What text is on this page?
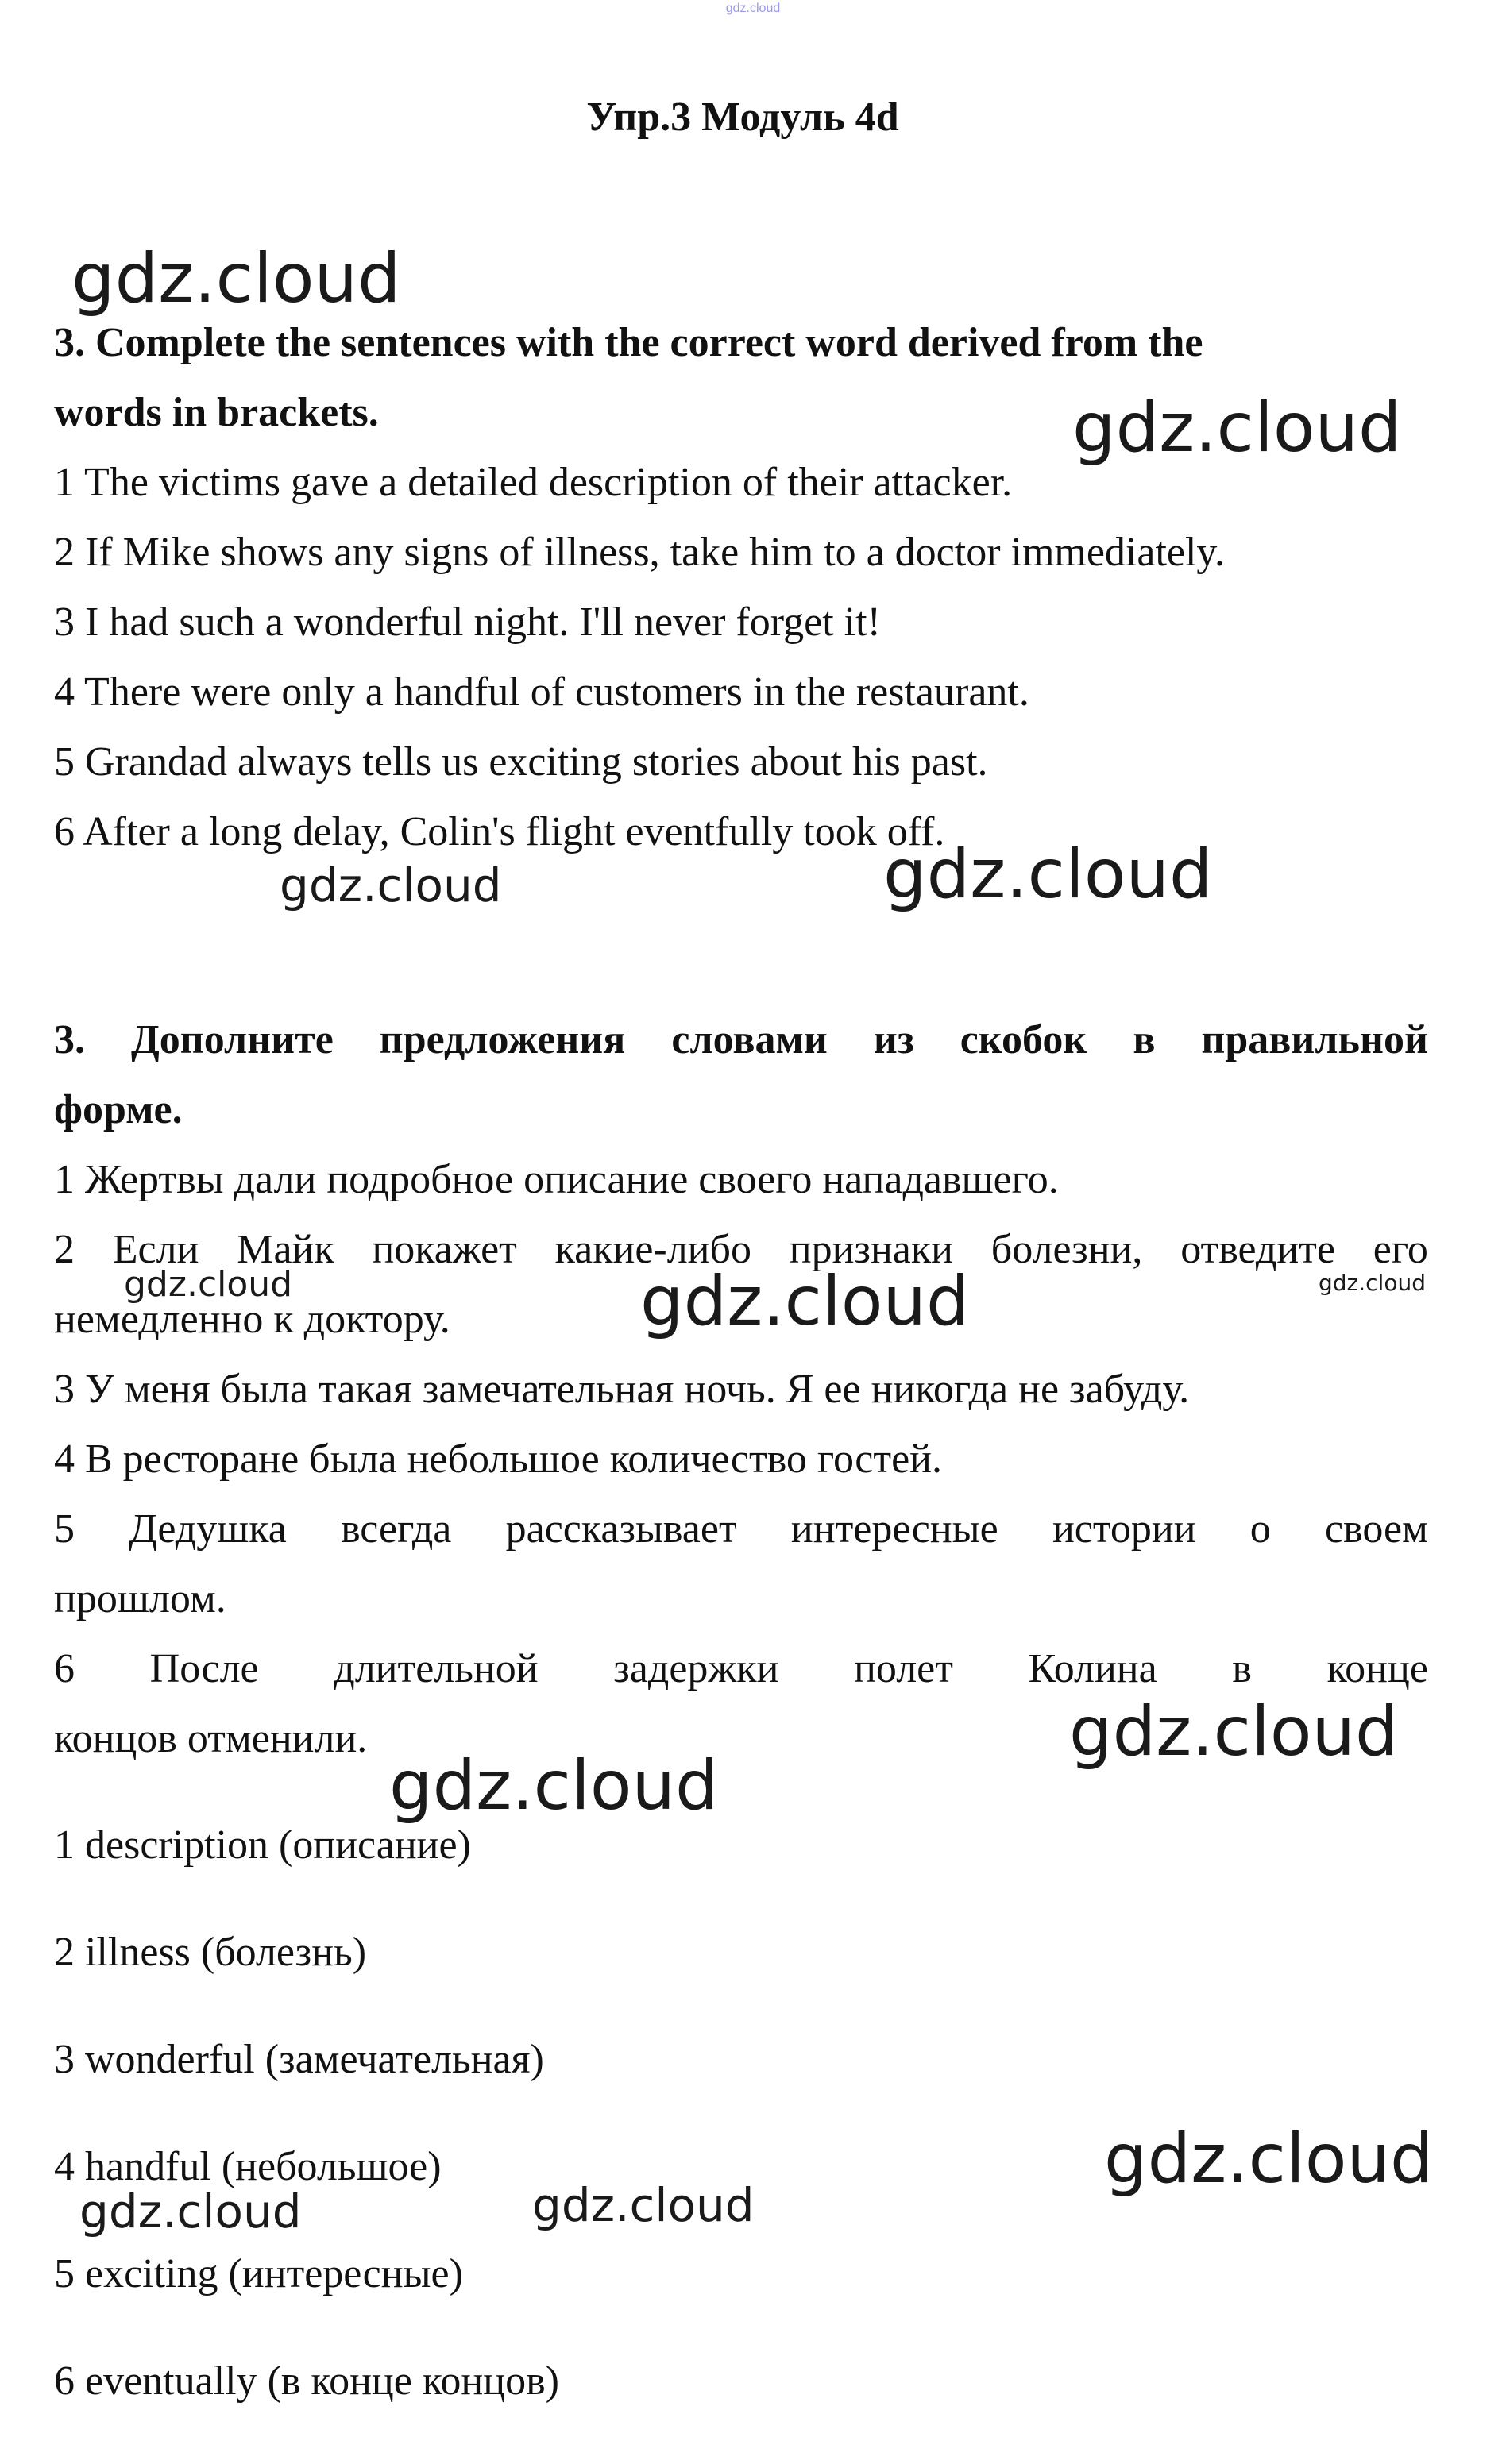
gdz.cloud
Упр.3 Модуль 4d
3. Complete the sentences with the correct word derived from the
words in brackets.
1 The victims gave a detailed description of their attacker.
2 If Mike shows any signs of illness, take him to a doctor immediately.
3 I had such a wonderful night. I'll never forget it!
4 There were only a handful of customers in the restaurant.
5 Grandad always tells us exciting stories about his past.
6 After a long delay, Colin's flight eventfully took off.
3. Дополните предложения словами из скобок в правильной
форме.
1 Жертвы дали подробное описание своего нападавшего.
2 Если Майк покажет какие-либо признаки болезни, отведите его
немедленно к доктору.
3 У меня была такая замечательная ночь. Я ее никогда не забуду.
4 В ресторане была небольшое количество гостей.
5 Дедушка всегда рассказывает интересные истории о своем
прошлом.
6 После длительной задержки полет Колина в конце
концов отменили.
1 description (описание)
2 illness (болезнь)
3 wonderful (замечательная)
4 handful (небольшое)
5 exciting (интересные)
6 eventually (в конце концов)
gdz.cloud
gdz.cloud
gdz.cloud	gdz.cloud
gdz.cloud	gdz.cloud	gdz.cloud
gdz.cloud
gdz.cloud
gdz.cloud
gdz.cloud	gdz.cloud
